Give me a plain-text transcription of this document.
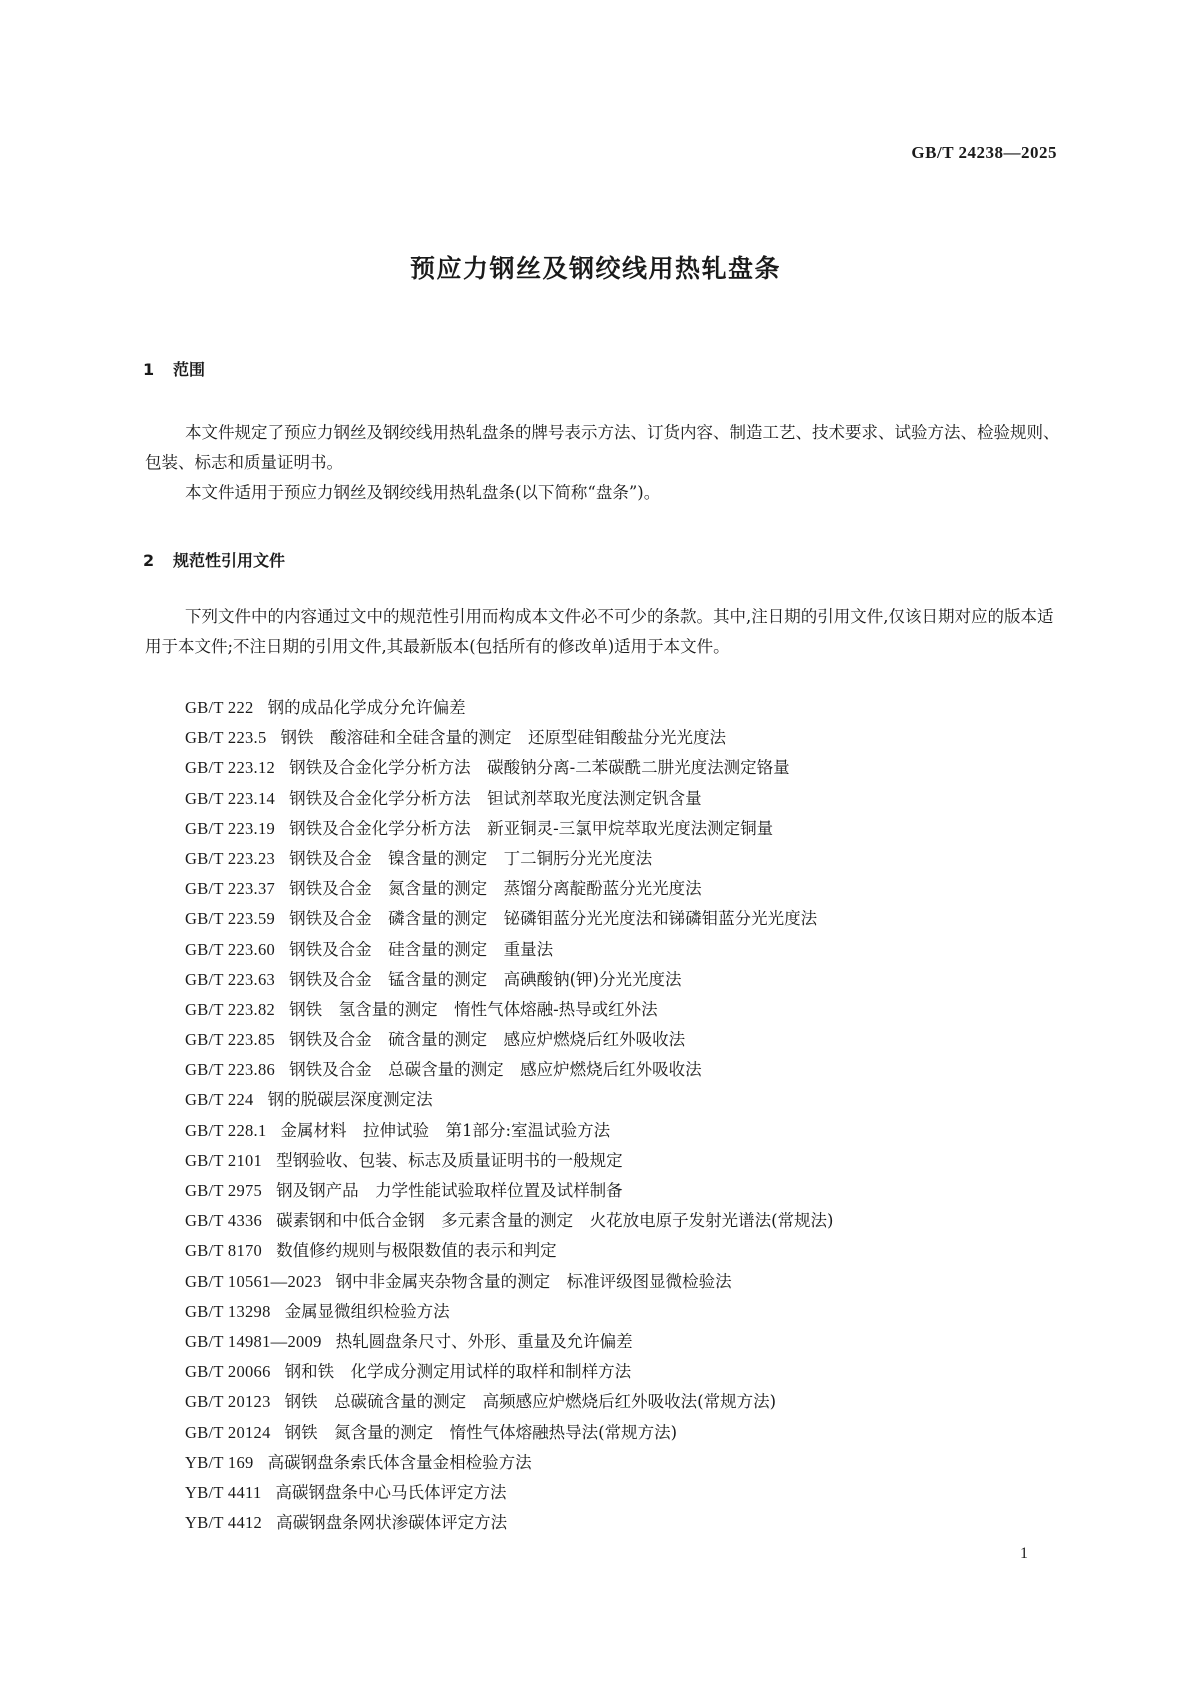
GB/T 24238—2025
预应力钢丝及钢绞线用热轧盘条
1 范围

本文件规定了预应力钢丝及钢绞线用热轧盘条的牌号表示方法、订货内容、制造工艺、技术要求、试验方法、检验规则、包装、标志和质量证明书。

本文件适用于预应力钢丝及钢绞线用热轧盘条(以下简称“盘条”)。

2 规范性引用文件

下列文件中的内容通过文中的规范性引用而构成本文件必不可少的条款。其中,注日期的引用文件,仅该日期对应的版本适用于本文件;不注日期的引用文件,其最新版本(包括所有的修改单)适用于本文件。

GB/T 222 钢的成品化学成分允许偏差
GB/T 223.5 钢铁　酸溶硅和全硅含量的测定　还原型硅钼酸盐分光光度法
GB/T 223.12 钢铁及合金化学分析方法　碳酸钠分离-二苯碳酰二肼光度法测定铬量
GB/T 223.14 钢铁及合金化学分析方法　钽试剂萃取光度法测定钒含量
GB/T 223.19 钢铁及合金化学分析方法　新亚铜灵-三氯甲烷萃取光度法测定铜量
GB/T 223.23 钢铁及合金　镍含量的测定　丁二铜肟分光光度法
GB/T 223.37 钢铁及合金　氮含量的测定　蒸馏分离靛酚蓝分光光度法
GB/T 223.59 钢铁及合金　磷含量的测定　铋磷钼蓝分光光度法和锑磷钼蓝分光光度法
GB/T 223.60 钢铁及合金　硅含量的测定　重量法
GB/T 223.63 钢铁及合金　锰含量的测定　高碘酸钠(钾)分光光度法
GB/T 223.82 钢铁　氢含量的测定　惰性气体熔融-热导或红外法
GB/T 223.85 钢铁及合金　硫含量的测定　感应炉燃烧后红外吸收法
GB/T 223.86 钢铁及合金　总碳含量的测定　感应炉燃烧后红外吸收法
GB/T 224 钢的脱碳层深度测定法
GB/T 228.1 金属材料　拉伸试验　第1部分:室温试验方法
GB/T 2101 型钢验收、包装、标志及质量证明书的一般规定
GB/T 2975 钢及钢产品　力学性能试验取样位置及试样制备
GB/T 4336 碳素钢和中低合金钢　多元素含量的测定　火花放电原子发射光谱法(常规法)
GB/T 8170 数值修约规则与极限数值的表示和判定
GB/T 10561—2023 钢中非金属夹杂物含量的测定　标准评级图显微检验法
GB/T 13298 金属显微组织检验方法
GB/T 14981—2009 热轧圆盘条尺寸、外形、重量及允许偏差
GB/T 20066 钢和铁　化学成分测定用试样的取样和制样方法
GB/T 20123 钢铁　总碳硫含量的测定　高频感应炉燃烧后红外吸收法(常规方法)
GB/T 20124 钢铁　氮含量的测定　惰性气体熔融热导法(常规方法)
YB/T 169 高碳钢盘条索氏体含量金相检验方法
YB/T 4411 高碳钢盘条中心马氏体评定方法
YB/T 4412 高碳钢盘条网状渗碳体评定方法
1
